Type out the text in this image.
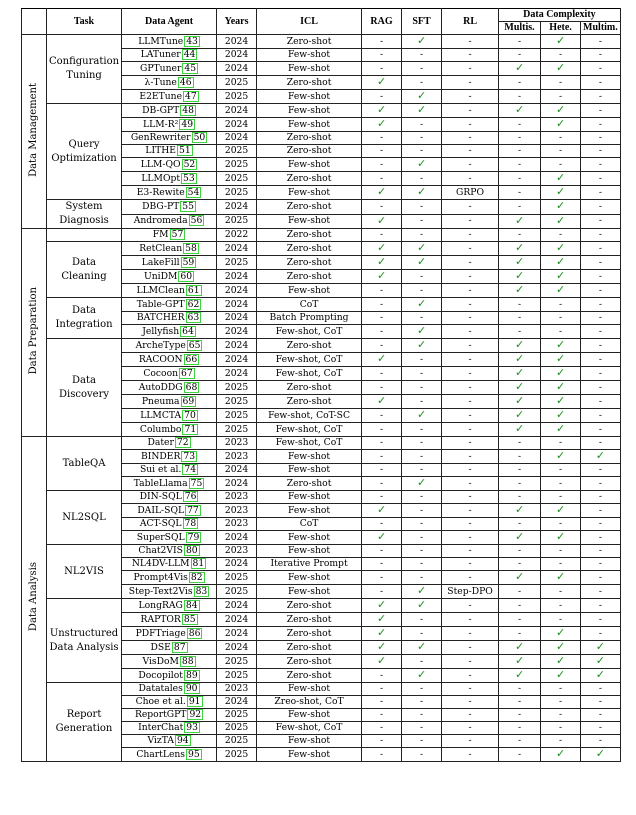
	Task	Data Agent	Years	ICL	RAG	SFT	RL	Data Complexity		
								Multis.	Hete.	Multim.
Data Management	Configuration Tuning	LLMTune 43	2024	Zero-shot	-	✓	-	-	✓	-
		LATuner 44	2024	Few-shot	-	-	-	-	-	-
		GPTuner 45	2024	Few-shot	-	-	-	✓	✓	-
		λ-Tune 46	2025	Zero-shot	✓	-	-	-	-	-
		E2ETune 47	2025	Few-shot	-	✓	-	-	-	-
	Query Optimization	DB-GPT 48	2024	Few-shot	✓	✓	-	✓	✓	-
		LLM-R² 49	2024	Few-shot	✓	-	-	-	✓	-
		GenRewriter 50	2024	Zero-shot	-	-	-	-	-	-
		LITHE 51	2025	Zero-shot	-	-	-	-	-	-
		LLM-QO 52	2025	Few-shot	-	✓	-	-	-	-
		LLMOpt 53	2025	Zero-shot	-	-	-	-	✓	-
		E3-Rewite 54	2025	Few-shot	✓	✓	GRPO	-	✓	-
	System Diagnosis	DBG-PT 55	2024	Zero-shot	-	-	-	-	✓	-
		Andromeda 56	2025	Few-shot	✓	-	-	✓	✓	-
Data Preparation		FM 57	2022	Zero-shot	-	-	-	-	-	-
	Data Cleaning	RetClean 58	2024	Zero-shot	✓	✓	-	✓	✓	-
		LakeFill 59	2025	Zero-shot	✓	✓	-	✓	✓	-
		UniDM 60	2024	Zero-shot	✓	-	-	✓	✓	-
		LLMClean 61	2024	Few-shot	-	-	-	✓	✓	-
	Data Integration	Table-GPT 62	2024	CoT	-	✓	-	-	-	-
		BATCHER 63	2024	Batch Prompting	-	-	-	-	-	-
		Jellyfish 64	2024	Few-shot, CoT	-	✓	-	-	-	-
	Data Discovery	ArcheType 65	2024	Zero-shot	-	✓	-	✓	✓	-
		RACOON 66	2024	Few-shot, CoT	✓	-	-	✓	✓	-
		Cocoon 67	2024	Few-shot, CoT	-	-	-	✓	✓	-
		AutoDDG 68	2025	Zero-shot	-	-	-	✓	✓	-
		Pneuma 69	2025	Zero-shot	✓	-	-	✓	✓	-
		LLMCTA 70	2025	Few-shot, CoT-SC	-	✓	-	✓	✓	-
		Columbo 71	2025	Few-shot, CoT	-	-	-	✓	✓	-
Data Analysis	TableQA	Dater 72	2023	Few-shot, CoT	-	-	-	-	-	-
		BINDER 73	2023	Few-shot	-	-	-	-	✓	✓
		Sui et al. 74	2024	Few-shot	-	-	-	-	-	-
		TableLlama 75	2024	Zero-shot	-	✓	-	-	-	-
	NL2SQL	DIN-SQL 76	2023	Few-shot	-	-	-	-	-	-
		DAIL-SQL 77	2023	Few-shot	✓	-	-	✓	✓	-
		ACT-SQL 78	2023	CoT	-	-	-	-	-	-
		SuperSQL 79	2024	Few-shot	✓	-	-	✓	✓	-
	NL2VIS	Chat2VIS 80	2023	Few-shot	-	-	-	-	-	-
		NL4DV-LLM 81	2024	Iterative Prompt	-	-	-	-	-	-
		Prompt4Vis 82	2025	Few-shot	-	-	-	✓	✓	-
		Step-Text2Vis 83	2025	Few-shot	-	✓	Step-DPO	-	-	-
	Unstructured Data Analysis	LongRAG 84	2024	Zero-shot	✓	✓	-	-	-	-
		RAPTOR 85	2024	Zero-shot	✓	-	-	-	-	-
		PDFTriage 86	2024	Zero-shot	✓	-	-	-	✓	-
		DSE 87	2024	Zero-shot	✓	✓	-	✓	✓	✓
		VisDoM 88	2025	Zero-shot	✓	-	-	✓	✓	✓
		Docopilot 89	2025	Zero-shot	-	✓	-	✓	✓	✓
	Report Generation	Datatales 90	2023	Few-shot	-	-	-	-	-	-
		Choe et al. 91	2024	Zreo-shot, CoT	-	-	-	-	-	-
		ReportGPT 92	2025	Few-shot	-	-	-	-	-	-
		InterChat 93	2025	Few-shot, CoT	-	-	-	-	-	-
		VizTA 94	2025	Few-shot	-	-	-	-	-	-
		ChartLens 95	2025	Few-shot	-	-	-	-	✓	✓
